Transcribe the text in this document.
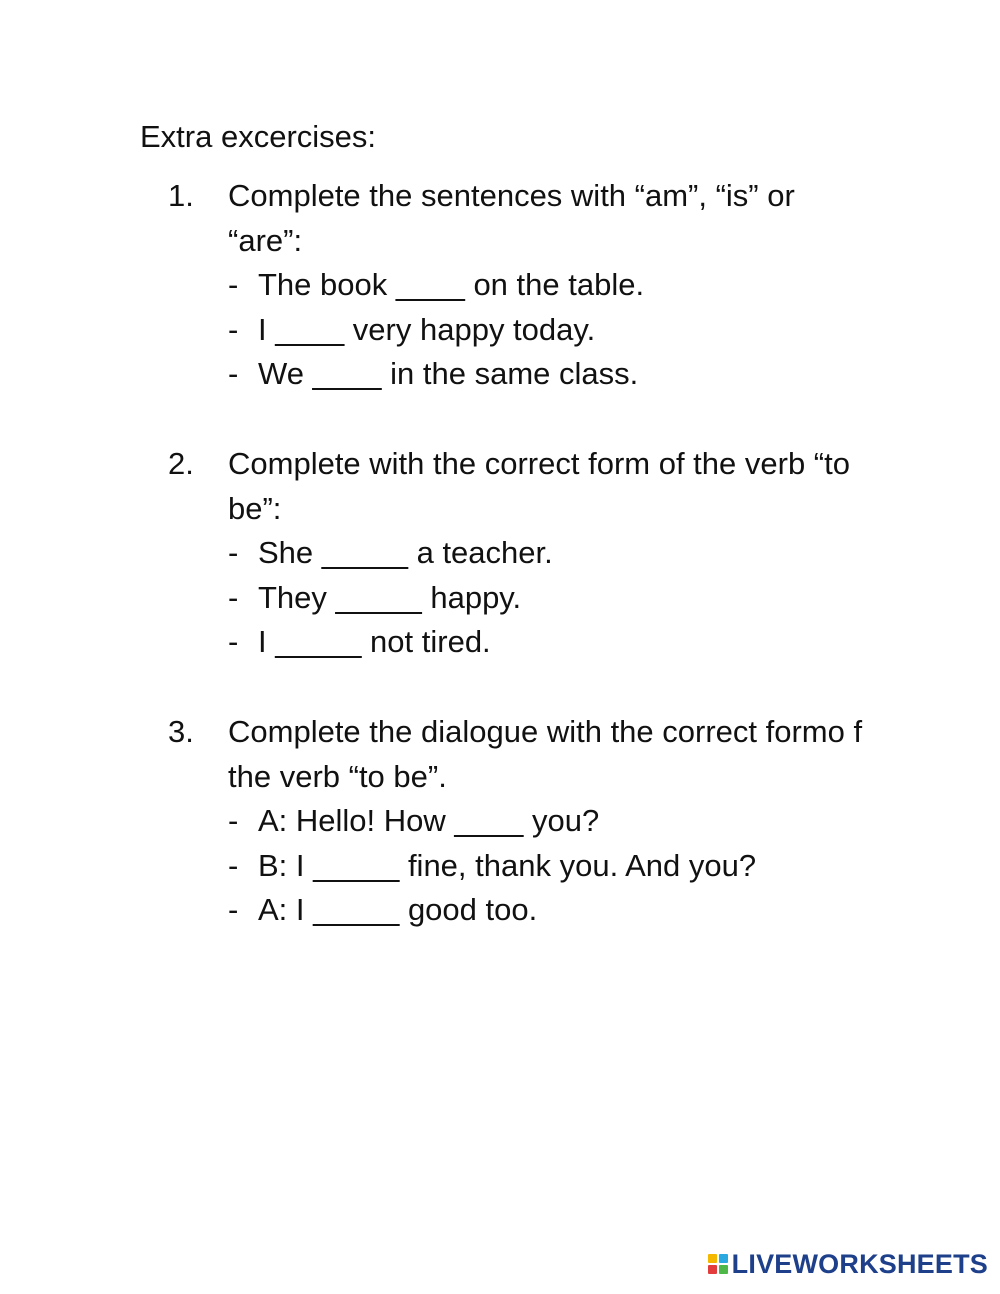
Extra excercises:
1. Complete the sentences with “am”, “is” or “are”:

- The book ____ on the table.
- I ____ very happy today.
- We ____ in the same class.
2. Complete with the correct form of the verb “to be”:

- She _____ a teacher.
- They _____ happy.
- I _____ not tired.
3. Complete the dialogue with the correct formo f the verb “to be”.

- A: Hello! How ____ you?
- B: I _____ fine, thank you. And you?
- A: I _____ good too.
LIVEWORKSHEETS
